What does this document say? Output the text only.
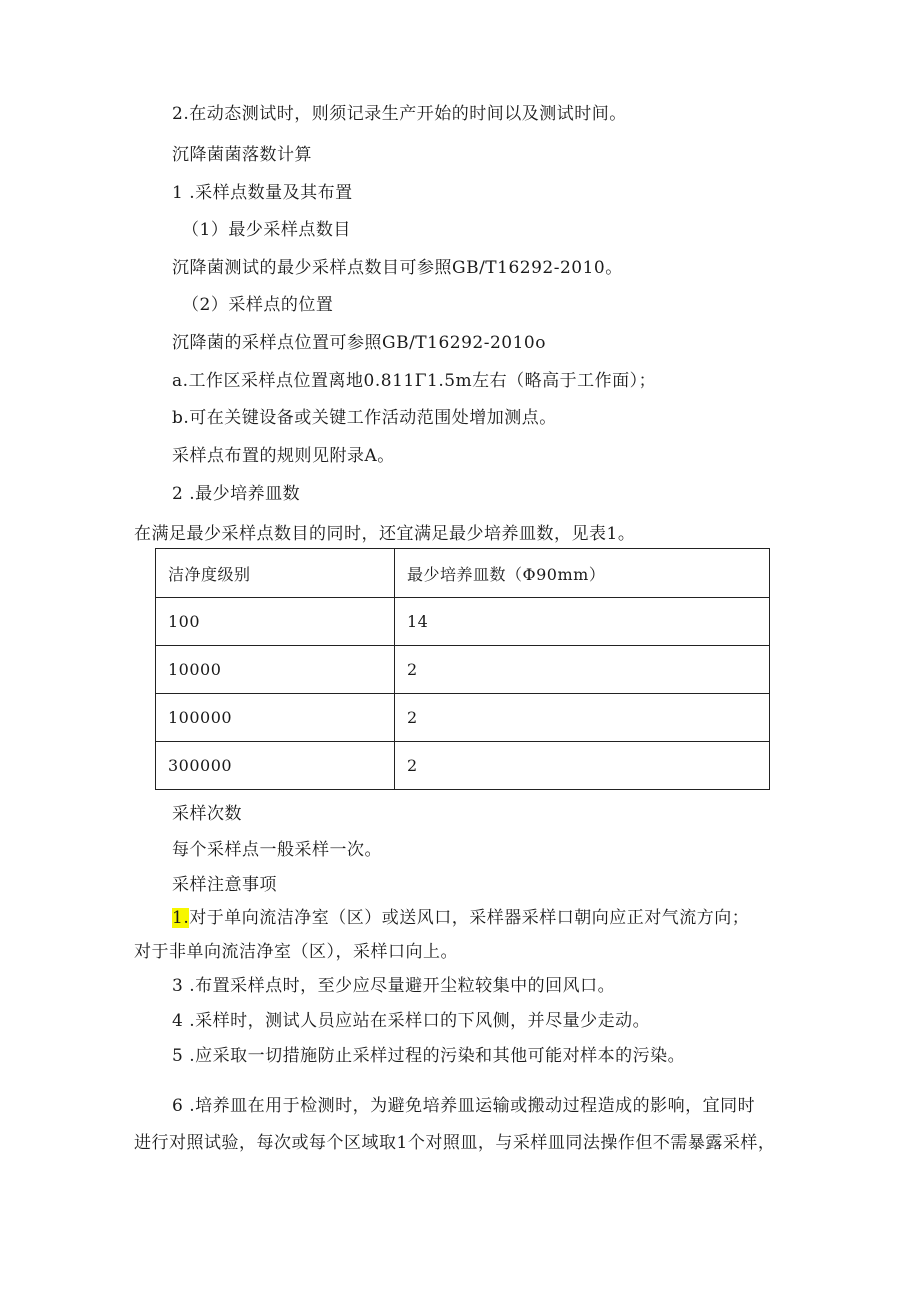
2.在动态测试时，则须记录生产开始的时间以及测试时间。
沉降菌菌落数计算
1 .采样点数量及其布置
（1）最少采样点数目
沉降菌测试的最少采样点数目可参照GB/T16292-2010。
（2）采样点的位置
沉降菌的采样点位置可参照GB/T16292-2010o
a.工作区采样点位置离地0.811Γ1.5m左右（略高于工作面）；
b.可在关键设备或关键工作活动范围处增加测点。
采样点布置的规则见附录A。
2 .最少培养皿数
在满足最少采样点数目的同时，还宜满足最少培养皿数，见表1。
洁净度级别	最少培养皿数（Φ90mm）
100	14
10000	2
100000	2
300000	2
采样次数
每个采样点一般采样一次。
采样注意事项
1.对于单向流洁净室（区）或送风口，采样器采样口朝向应正对气流方向；
对于非单向流洁净室（区），采样口向上。
3 .布置采样点时，至少应尽量避开尘粒较集中的回风口。
4 .采样时，测试人员应站在采样口的下风侧，并尽量少走动。
5 .应采取一切措施防止采样过程的污染和其他可能对样本的污染。
6 .培养皿在用于检测时，为避免培养皿运输或搬动过程造成的影响，宜同时
进行对照试验，每次或每个区域取1个对照皿，与采样皿同法操作但不需暴露采样，
